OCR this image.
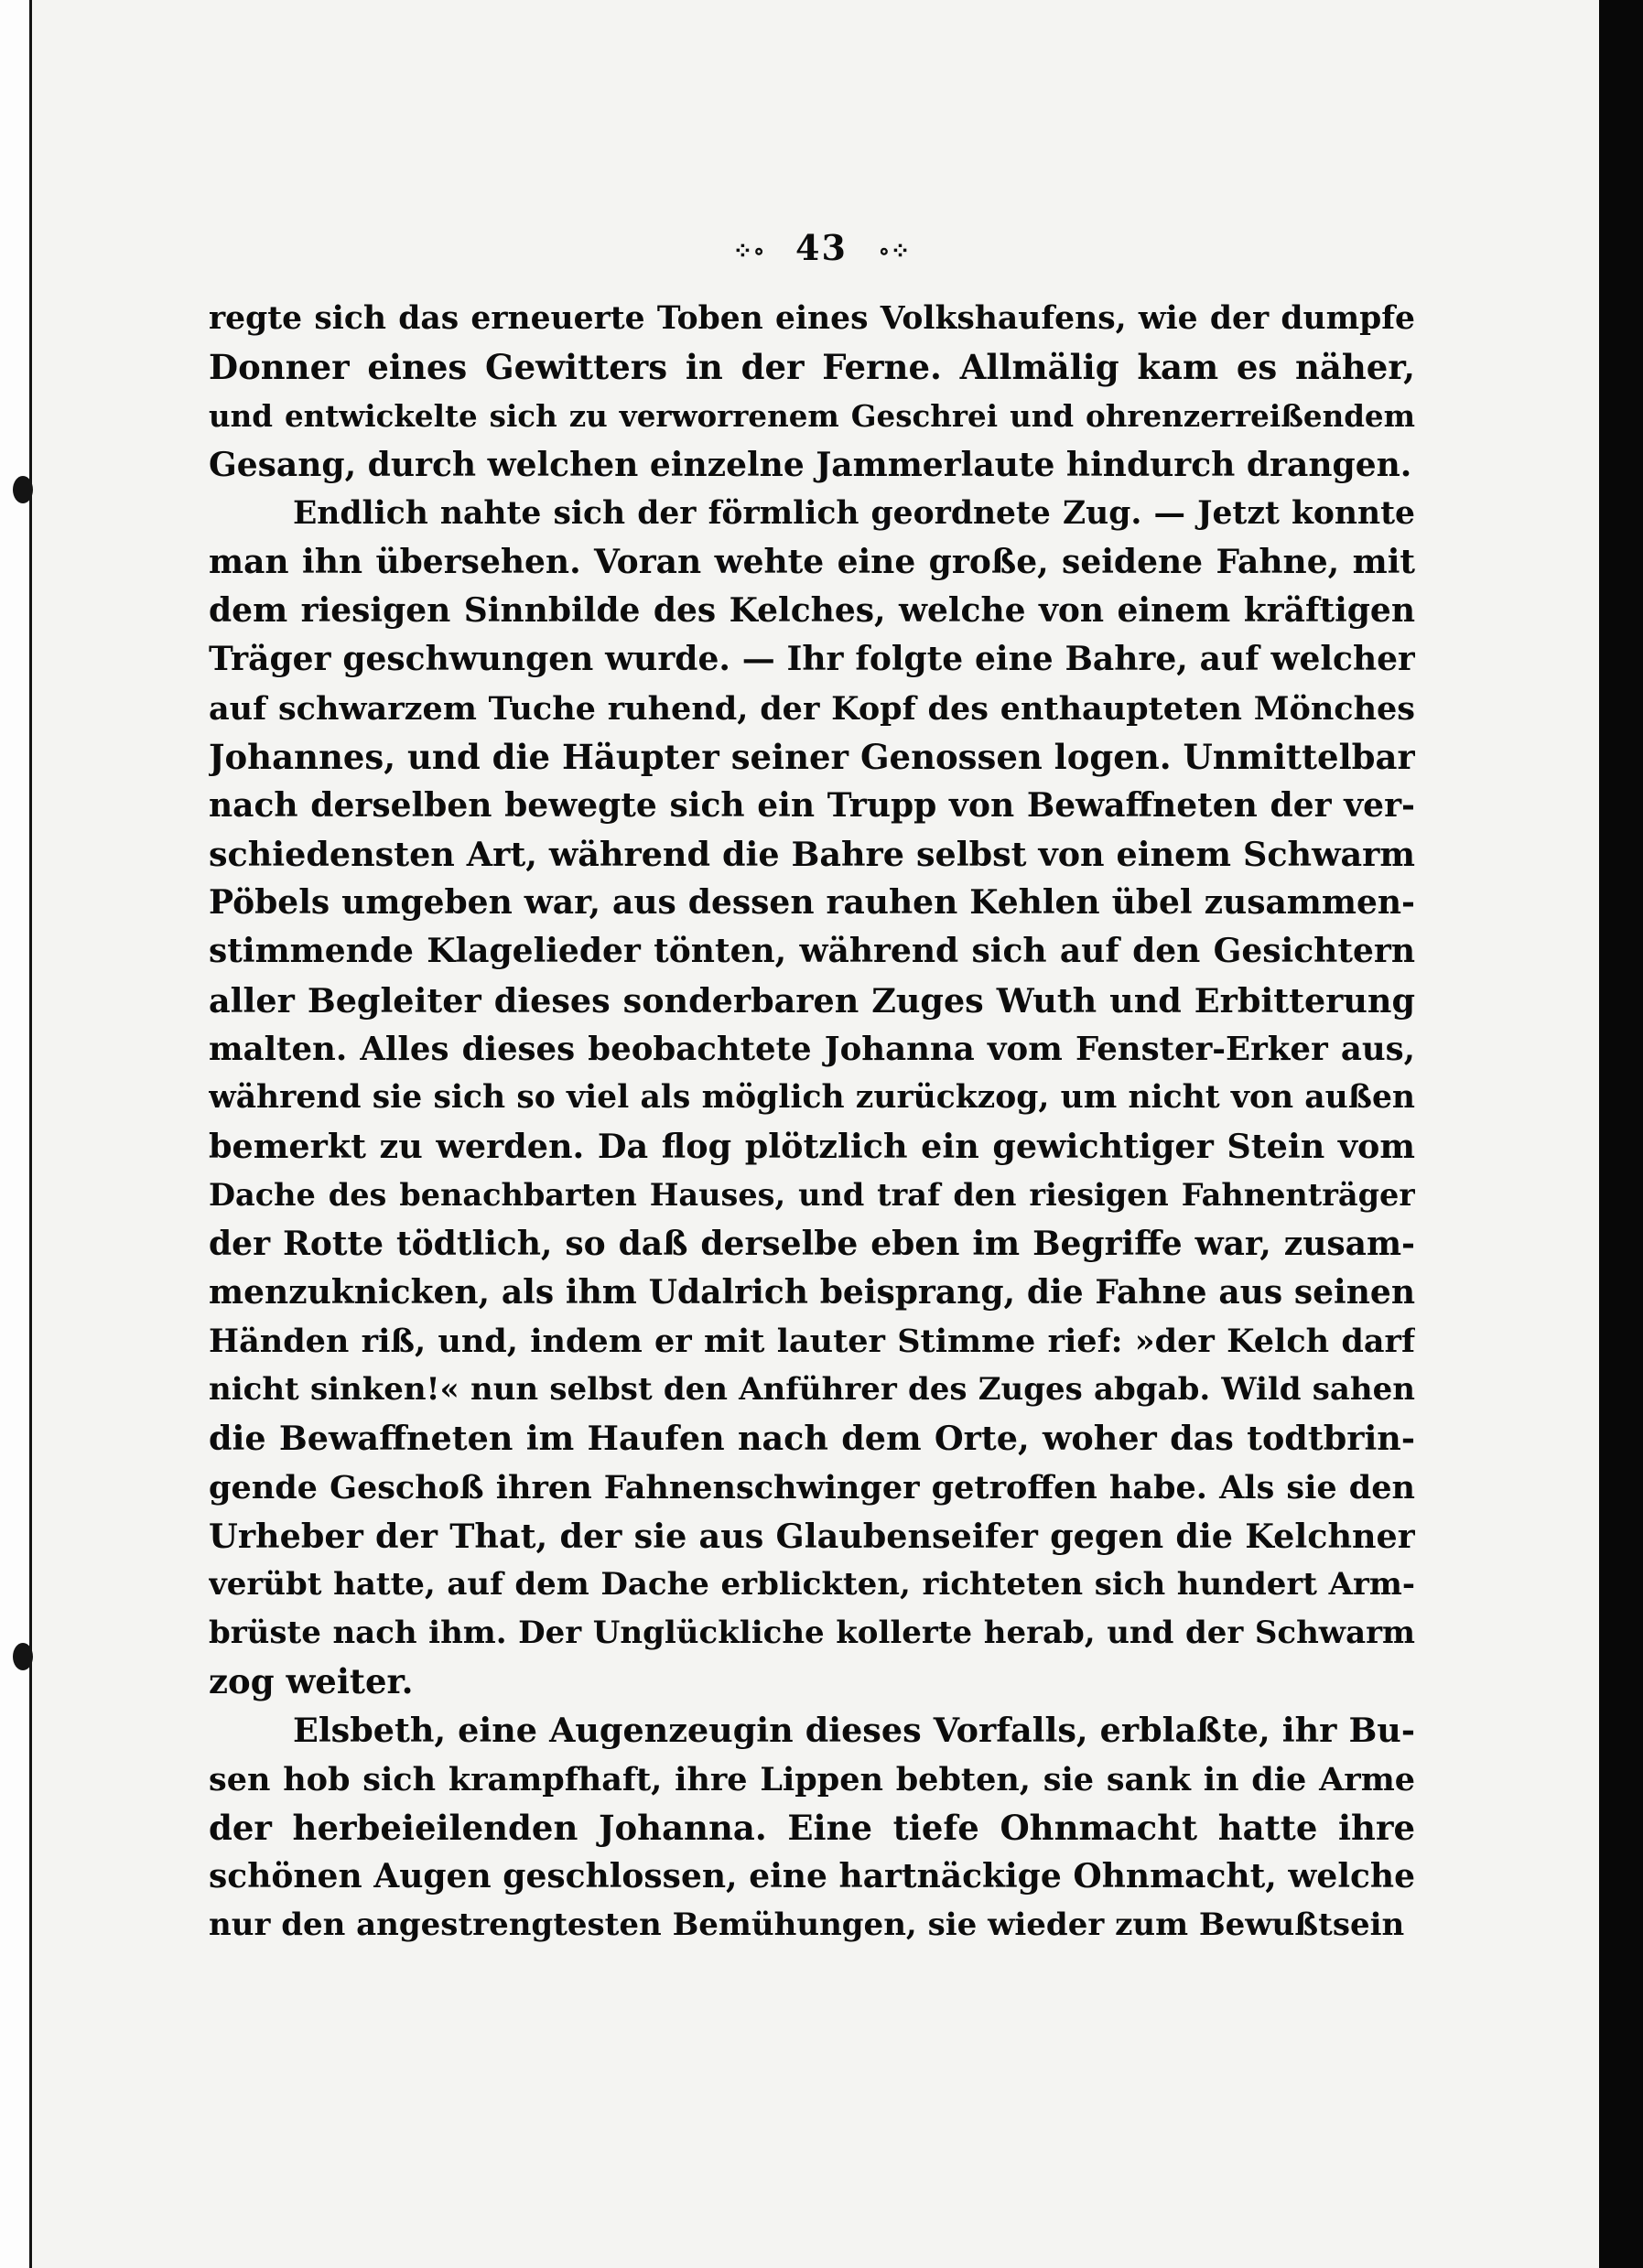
⁘∘ 43 ∘⁘
regte sich das erneuerte Toben eines Volkshaufens, wie der dumpfe
Donner eines Gewitters in der Ferne. Allmälig kam es näher,
und entwickelte sich zu verworrenem Geschrei und ohrenzerreißendem
Gesang, durch welchen einzelne Jammerlaute hindurch drangen.
Endlich nahte sich der förmlich geordnete Zug. — Jetzt konnte
man ihn übersehen. Voran wehte eine große, seidene Fahne, mit
dem riesigen Sinnbilde des Kelches, welche von einem kräftigen
Träger geschwungen wurde. — Ihr folgte eine Bahre, auf welcher
auf schwarzem Tuche ruhend, der Kopf des enthaupteten Mönches
Johannes, und die Häupter seiner Genossen logen. Unmittelbar
nach derselben bewegte sich ein Trupp von Bewaffneten der ver-
schiedensten Art, während die Bahre selbst von einem Schwarm
Pöbels umgeben war, aus dessen rauhen Kehlen übel zusammen-
stimmende Klagelieder tönten, während sich auf den Gesichtern
aller Begleiter dieses sonderbaren Zuges Wuth und Erbitterung
malten. Alles dieses beobachtete Johanna vom Fenster-Erker aus,
während sie sich so viel als möglich zurückzog, um nicht von außen
bemerkt zu werden. Da flog plötzlich ein gewichtiger Stein vom
Dache des benachbarten Hauses, und traf den riesigen Fahnenträger
der Rotte tödtlich, so daß derselbe eben im Begriffe war, zusam-
menzuknicken, als ihm Udalrich beisprang, die Fahne aus seinen
Händen riß, und, indem er mit lauter Stimme rief: »der Kelch darf
nicht sinken!« nun selbst den Anführer des Zuges abgab. Wild sahen
die Bewaffneten im Haufen nach dem Orte, woher das todtbrin-
gende Geschoß ihren Fahnenschwinger getroffen habe. Als sie den
Urheber der That, der sie aus Glaubenseifer gegen die Kelchner
verübt hatte, auf dem Dache erblickten, richteten sich hundert Arm-
brüste nach ihm. Der Unglückliche kollerte herab, und der Schwarm
zog weiter.
Elsbeth, eine Augenzeugin dieses Vorfalls, erblaßte, ihr Bu-
sen hob sich krampfhaft, ihre Lippen bebten, sie sank in die Arme
der herbeieilenden Johanna. Eine tiefe Ohnmacht hatte ihre
schönen Augen geschlossen, eine hartnäckige Ohnmacht, welche
nur den angestrengtesten Bemühungen, sie wieder zum Bewußtsein
